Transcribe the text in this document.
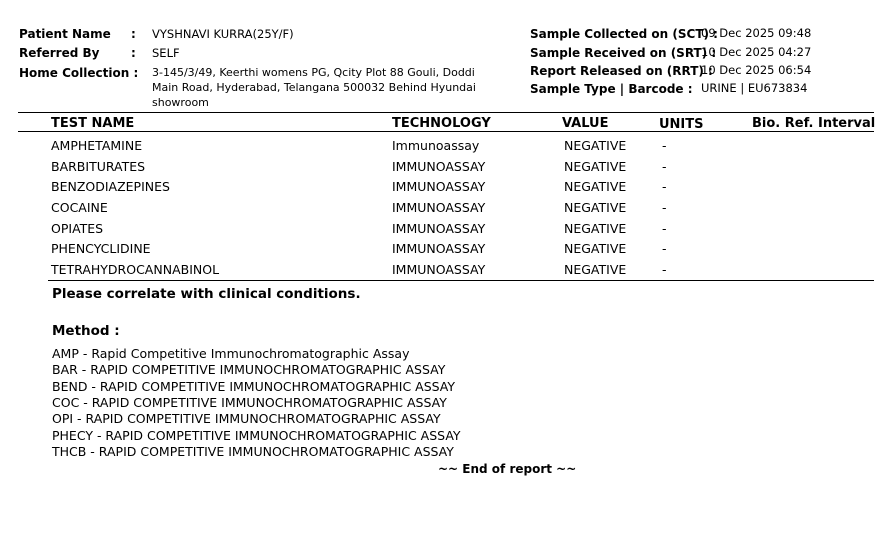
Patient Name : VYSHNAVI KURRA(25Y/F)
Referred By	: SELF
Home Collection : 3-145/3/49, Keerthi womens PG, Qcity Plot 88 Gouli, Doddi
Main Road, Hyderabad, Telangana 500032 Behind Hyundai
showroom
Sample Collected on (SCT) :
09 Dec 2025 09:48
Sample Received on (SRT) :
10 Dec 2025 04:27
Report Released on (RRT) :
10 Dec 2025 06:54
Sample Type | Barcode : URINE | EU673834
TEST NAME	TECHNOLOGY	VALUE	UNITS	Bio. Ref. Interval
AMPHETAMINE	Immunoassay	NEGATIVE	-
BARBITURATES	IMMUNOASSAY	NEGATIVE	-
BENZODIAZEPINES	IMMUNOASSAY	NEGATIVE	-
COCAINE	IMMUNOASSAY	NEGATIVE	-
OPIATES	IMMUNOASSAY	NEGATIVE	-
PHENCYCLIDINE	IMMUNOASSAY	NEGATIVE	-
TETRAHYDROCANNABINOL	IMMUNOASSAY	NEGATIVE	-
Please correlate with clinical conditions.
Method :
AMP - Rapid Competitive Immunochromatographic Assay
BAR - RAPID COMPETITIVE IMMUNOCHROMATOGRAPHIC ASSAY
BEND - RAPID COMPETITIVE IMMUNOCHROMATOGRAPHIC ASSAY
COC - RAPID COMPETITIVE IMMUNOCHROMATOGRAPHIC ASSAY
OPI - RAPID COMPETITIVE IMMUNOCHROMATOGRAPHIC ASSAY
PHECY - RAPID COMPETITIVE IMMUNOCHROMATOGRAPHIC ASSAY
THCB - RAPID COMPETITIVE IMMUNOCHROMATOGRAPHIC ASSAY
~~ End of report ~~
